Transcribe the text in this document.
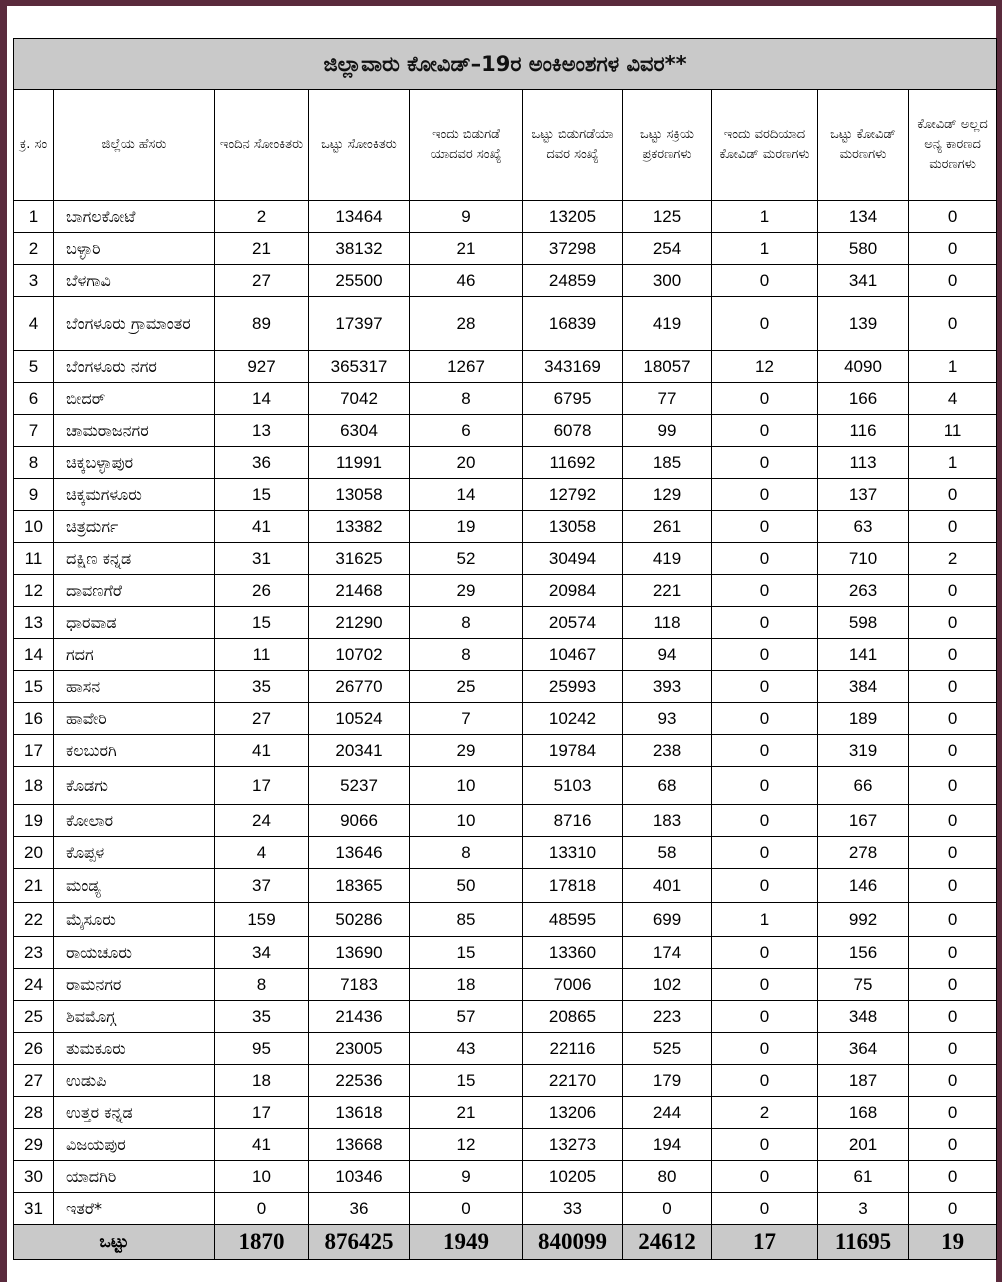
ಜಿಲ್ಲಾವಾರು ಕೋವಿಡ್–19ರ ಅಂಕಿಅಂಶಗಳ ವಿವರ**									
ಕ್ರ. ಸಂ	ಜಿಲ್ಲೆಯ ಹೆಸರು	ಇಂದಿನ ಸೋಂಕಿತರು	ಒಟ್ಟು ಸೋಂಕಿತರು	ಇಂದು ಬಿಡುಗಡೆ ಯಾದವರ ಸಂಖ್ಯೆ	ಒಟ್ಟು ಬಿಡುಗಡೆಯಾ ದವರ ಸಂಖ್ಯೆ	ಒಟ್ಟು ಸಕ್ರಿಯ ಪ್ರಕರಣಗಳು	ಇಂದು ವರದಿಯಾದ ಕೋವಿಡ್ ಮರಣಗಳು	ಒಟ್ಟು ಕೋವಿಡ್ ಮರಣಗಳು	ಕೋವಿಡ್ ಅಲ್ಲದ ಅನ್ಯ ಕಾರಣದ ಮರಣಗಳು
1	ಬಾಗಲಕೋಟೆ	2	13464	9	13205	125	1	134	0
2	ಬಳ್ಳಾರಿ	21	38132	21	37298	254	1	580	0
3	ಬೆಳಗಾವಿ	27	25500	46	24859	300	0	341	0
4	ಬೆಂಗಳೂರು ಗ್ರಾಮಾಂತರ	89	17397	28	16839	419	0	139	0
5	ಬೆಂಗಳೂರು ನಗರ	927	365317	1267	343169	18057	12	4090	1
6	ಬೀದರ್	14	7042	8	6795	77	0	166	4
7	ಚಾಮರಾಜನಗರ	13	6304	6	6078	99	0	116	11
8	ಚಿಕ್ಕಬಳ್ಳಾಪುರ	36	11991	20	11692	185	0	113	1
9	ಚಿಕ್ಕಮಗಳೂರು	15	13058	14	12792	129	0	137	0
10	ಚಿತ್ರದುರ್ಗ	41	13382	19	13058	261	0	63	0
11	ದಕ್ಷಿಣ ಕನ್ನಡ	31	31625	52	30494	419	0	710	2
12	ದಾವಣಗೆರೆ	26	21468	29	20984	221	0	263	0
13	ಧಾರವಾಡ	15	21290	8	20574	118	0	598	0
14	ಗದಗ	11	10702	8	10467	94	0	141	0
15	ಹಾಸನ	35	26770	25	25993	393	0	384	0
16	ಹಾವೇರಿ	27	10524	7	10242	93	0	189	0
17	ಕಲಬುರಗಿ	41	20341	29	19784	238	0	319	0
18	ಕೊಡಗು	17	5237	10	5103	68	0	66	0
19	ಕೋಲಾರ	24	9066	10	8716	183	0	167	0
20	ಕೊಪ್ಪಳ	4	13646	8	13310	58	0	278	0
21	ಮಂಡ್ಯ	37	18365	50	17818	401	0	146	0
22	ಮೈಸೂರು	159	50286	85	48595	699	1	992	0
23	ರಾಯಚೂರು	34	13690	15	13360	174	0	156	0
24	ರಾಮನಗರ	8	7183	18	7006	102	0	75	0
25	ಶಿವಮೊಗ್ಗ	35	21436	57	20865	223	0	348	0
26	ತುಮಕೂರು	95	23005	43	22116	525	0	364	0
27	ಉಡುಪಿ	18	22536	15	22170	179	0	187	0
28	ಉತ್ತರ ಕನ್ನಡ	17	13618	21	13206	244	2	168	0
29	ವಿಜಯಪುರ	41	13668	12	13273	194	0	201	0
30	ಯಾದಗಿರಿ	10	10346	9	10205	80	0	61	0
31	ಇತರೆ*	0	36	0	33	0	0	3	0
ಒಟ್ಟು		1870	876425	1949	840099	24612	17	11695	19
